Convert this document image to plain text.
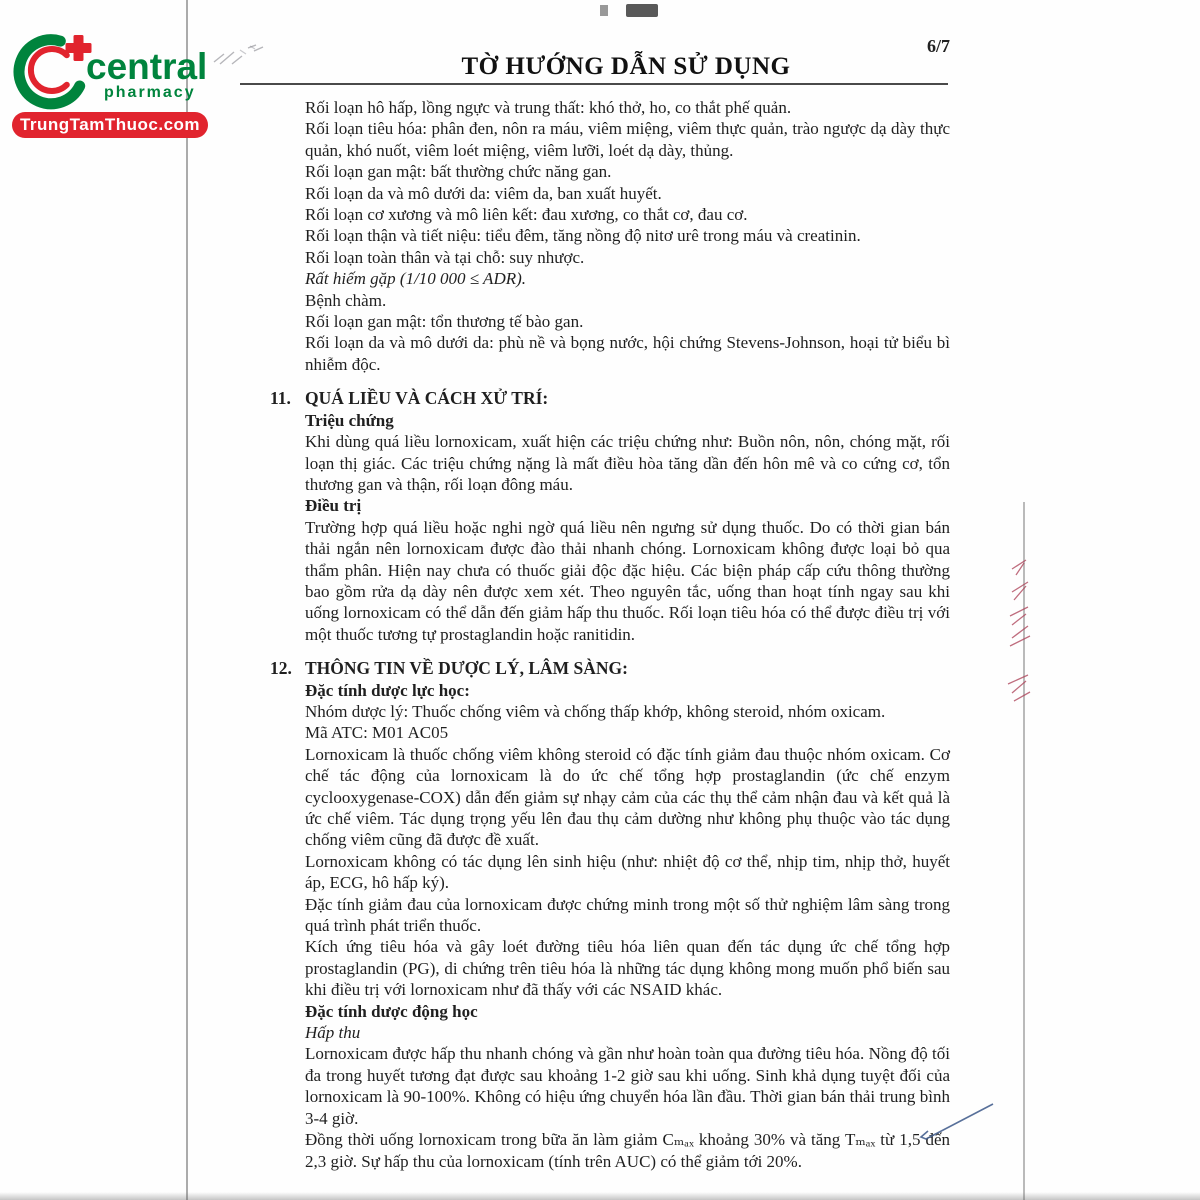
central
pharmacy
TrungTamThuoc.com
6/7
TỜ HƯỚNG DẪN SỬ DỤNG

Rối loạn hô hấp, lồng ngực và trung thất: khó thở, ho, co thắt phế quản.

Rối loạn tiêu hóa: phân đen, nôn ra máu, viêm miệng, viêm thực quản, trào ngược dạ dày thực quản, khó nuốt, viêm loét miệng, viêm lưỡi, loét dạ dày, thủng.

Rối loạn gan mật: bất thường chức năng gan.

Rối loạn da và mô dưới da: viêm da, ban xuất huyết.

Rối loạn cơ xương và mô liên kết: đau xương, co thắt cơ, đau cơ.

Rối loạn thận và tiết niệu: tiểu đêm, tăng nồng độ nitơ urê trong máu và creatinin.

Rối loạn toàn thân và tại chỗ: suy nhược.

Rất hiếm gặp (1/10 000 ≤ ADR).

Bệnh chàm.

Rối loạn gan mật: tổn thương tế bào gan.

Rối loạn da và mô dưới da: phù nề và bọng nước, hội chứng Stevens-Johnson, hoại tử biểu bì nhiễm độc.

11. QUÁ LIỀU VÀ CÁCH XỬ TRÍ:

Triệu chứng

Khi dùng quá liều lornoxicam, xuất hiện các triệu chứng như: Buồn nôn, nôn, chóng mặt, rối loạn thị giác. Các triệu chứng nặng là mất điều hòa tăng dần đến hôn mê và co cứng cơ, tổn thương gan và thận, rối loạn đông máu.

Điều trị

Trường hợp quá liều hoặc nghi ngờ quá liều nên ngưng sử dụng thuốc. Do có thời gian bán thải ngắn nên lornoxicam được đào thải nhanh chóng. Lornoxicam không được loại bỏ qua thẩm phân. Hiện nay chưa có thuốc giải độc đặc hiệu. Các biện pháp cấp cứu thông thường bao gồm rửa dạ dày nên được xem xét. Theo nguyên tắc, uống than hoạt tính ngay sau khi uống lornoxicam có thể dẫn đến giảm hấp thu thuốc. Rối loạn tiêu hóa có thể được điều trị với một thuốc tương tự prostaglandin hoặc ranitidin.

12. THÔNG TIN VỀ DƯỢC LÝ, LÂM SÀNG:

Đặc tính dược lực học:

Nhóm dược lý: Thuốc chống viêm và chống thấp khớp, không steroid, nhóm oxicam.

Mã ATC: M01 AC05

Lornoxicam là thuốc chống viêm không steroid có đặc tính giảm đau thuộc nhóm oxicam. Cơ chế tác động của lornoxicam là do ức chế tổng hợp prostaglandin (ức chế enzym cyclooxygenase-COX) dẫn đến giảm sự nhạy cảm của các thụ thể cảm nhận đau và kết quả là ức chế viêm. Tác dụng trọng yếu lên đau thụ cảm dường như không phụ thuộc vào tác dụng chống viêm cũng đã được đề xuất.

Lornoxicam không có tác dụng lên sinh hiệu (như: nhiệt độ cơ thể, nhịp tim, nhịp thở, huyết áp, ECG, hô hấp ký).

Đặc tính giảm đau của lornoxicam được chứng minh trong một số thử nghiệm lâm sàng trong quá trình phát triển thuốc.

Kích ứng tiêu hóa và gây loét đường tiêu hóa liên quan đến tác dụng ức chế tổng hợp prostaglandin (PG), di chứng trên tiêu hóa là những tác dụng không mong muốn phổ biến sau khi điều trị với lornoxicam như đã thấy với các NSAID khác.

Đặc tính dược động học

Hấp thu

Lornoxicam được hấp thu nhanh chóng và gần như hoàn toàn qua đường tiêu hóa. Nồng độ tối đa trong huyết tương đạt được sau khoảng 1-2 giờ sau khi uống. Sinh khả dụng tuyệt đối của lornoxicam là 90-100%. Không có hiệu ứng chuyển hóa lần đầu. Thời gian bán thải trung bình 3-4 giờ.

Đồng thời uống lornoxicam trong bữa ăn làm giảm Cₘₐₓ khoảng 30% và tăng Tₘₐₓ từ 1,5 đến 2,3 giờ. Sự hấp thu của lornoxicam (tính trên AUC) có thể giảm tới 20%.
